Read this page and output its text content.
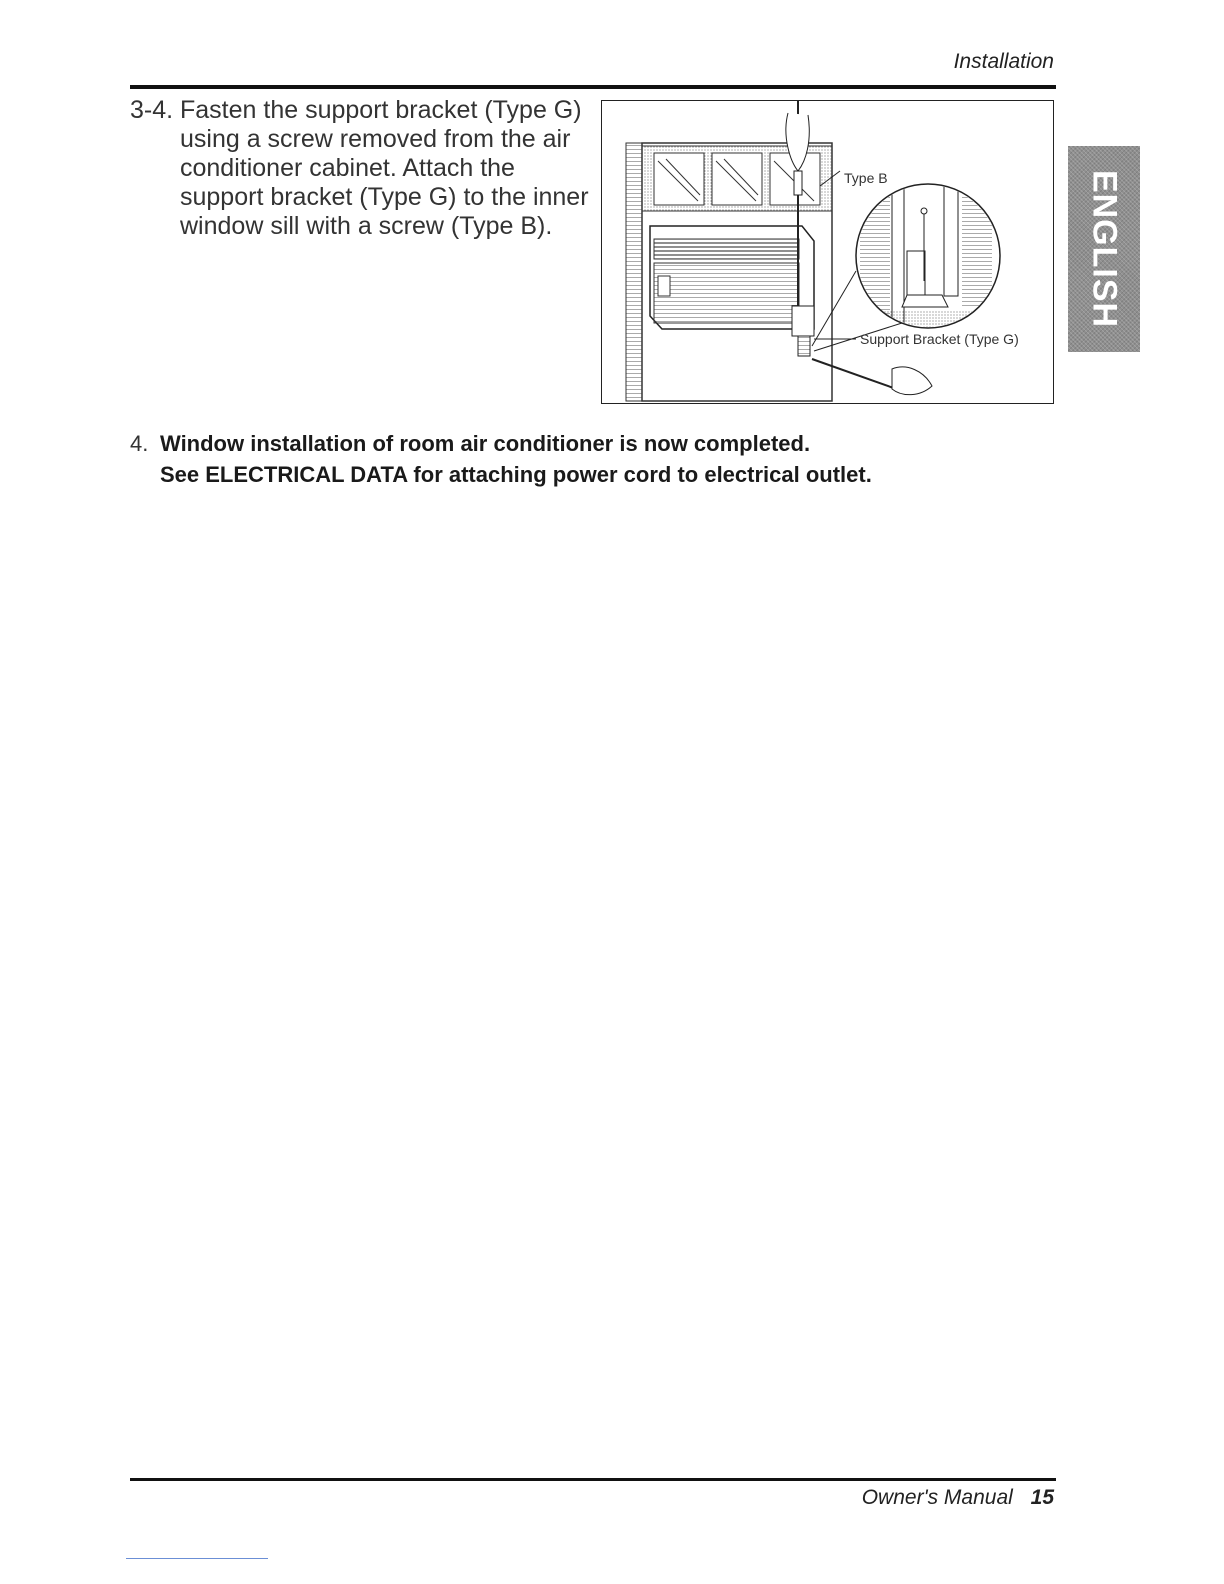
Installation
3-4. Fasten the support bracket (Type G) using a screw removed from the air conditioner cabinet. Attach the support bracket (Type G) to the inner window sill with a screw (Type B).
Type B
Support Bracket (Type G)
ENGLISH
4. Window installation of room air conditioner is now completed.
See ELECTRICAL DATA for attaching power cord to electrical outlet.
Owner's Manual 15
